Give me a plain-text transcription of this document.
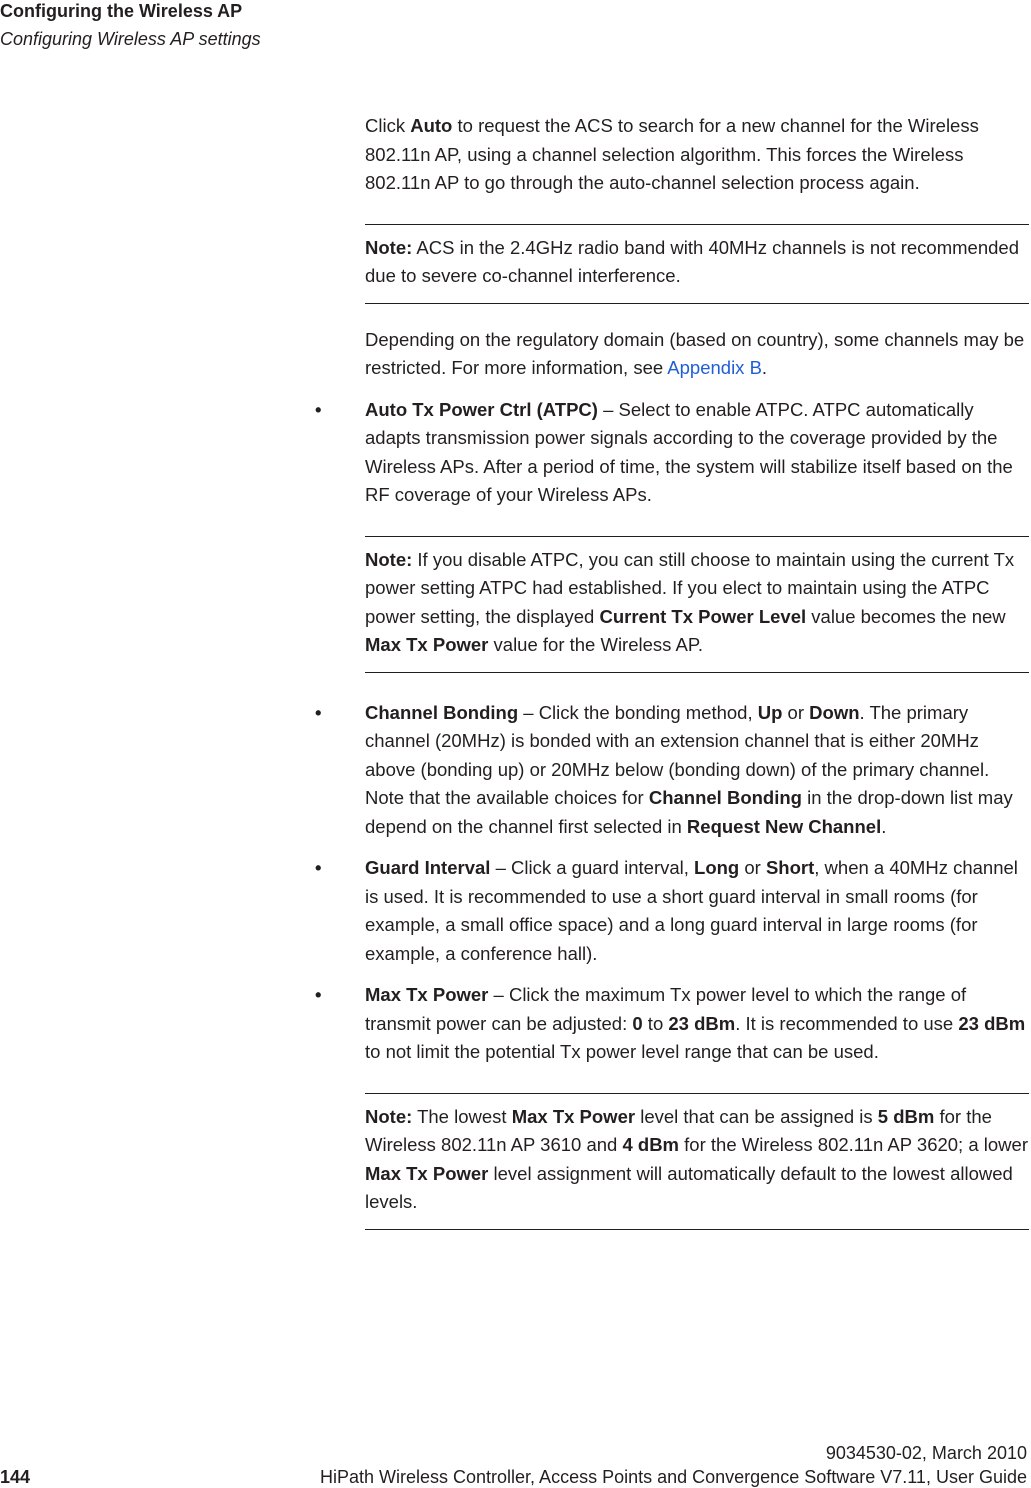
Configuring the Wireless AP
Configuring Wireless AP settings

Click Auto to request the ACS to search for a new channel for the Wireless 802.11n AP, using a channel selection algorithm. This forces the Wireless 802.11n AP to go through the auto-channel selection process again.

Note: ACS in the 2.4GHz radio band with 40MHz channels is not recommended due to severe co-channel interference.

Depending on the regulatory domain (based on country), some channels may be restricted. For more information, see Appendix B.

• Auto Tx Power Ctrl (ATPC) – Select to enable ATPC. ATPC automatically adapts transmission power signals according to the coverage provided by the Wireless APs. After a period of time, the system will stabilize itself based on the RF coverage of your Wireless APs.

Note: If you disable ATPC, you can still choose to maintain using the current Tx power setting ATPC had established. If you elect to maintain using the ATPC power setting, the displayed Current Tx Power Level value becomes the new Max Tx Power value for the Wireless AP.

• Channel Bonding – Click the bonding method, Up or Down. The primary channel (20MHz) is bonded with an extension channel that is either 20MHz above (bonding up) or 20MHz below (bonding down) of the primary channel. Note that the available choices for Channel Bonding in the drop-down list may depend on the channel first selected in Request New Channel.

• Guard Interval – Click a guard interval, Long or Short, when a 40MHz channel is used. It is recommended to use a short guard interval in small rooms (for example, a small office space) and a long guard interval in large rooms (for example, a conference hall).

• Max Tx Power – Click the maximum Tx power level to which the range of transmit power can be adjusted: 0 to 23 dBm. It is recommended to use 23 dBm to not limit the potential Tx power level range that can be used.

Note: The lowest Max Tx Power level that can be assigned is 5 dBm for the Wireless 802.11n AP 3610 and 4 dBm for the Wireless 802.11n AP 3620; a lower Max Tx Power level assignment will automatically default to the lowest allowed levels.

9034530-02, March 2010
144	HiPath Wireless Controller, Access Points and Convergence Software V7.11, User Guide
